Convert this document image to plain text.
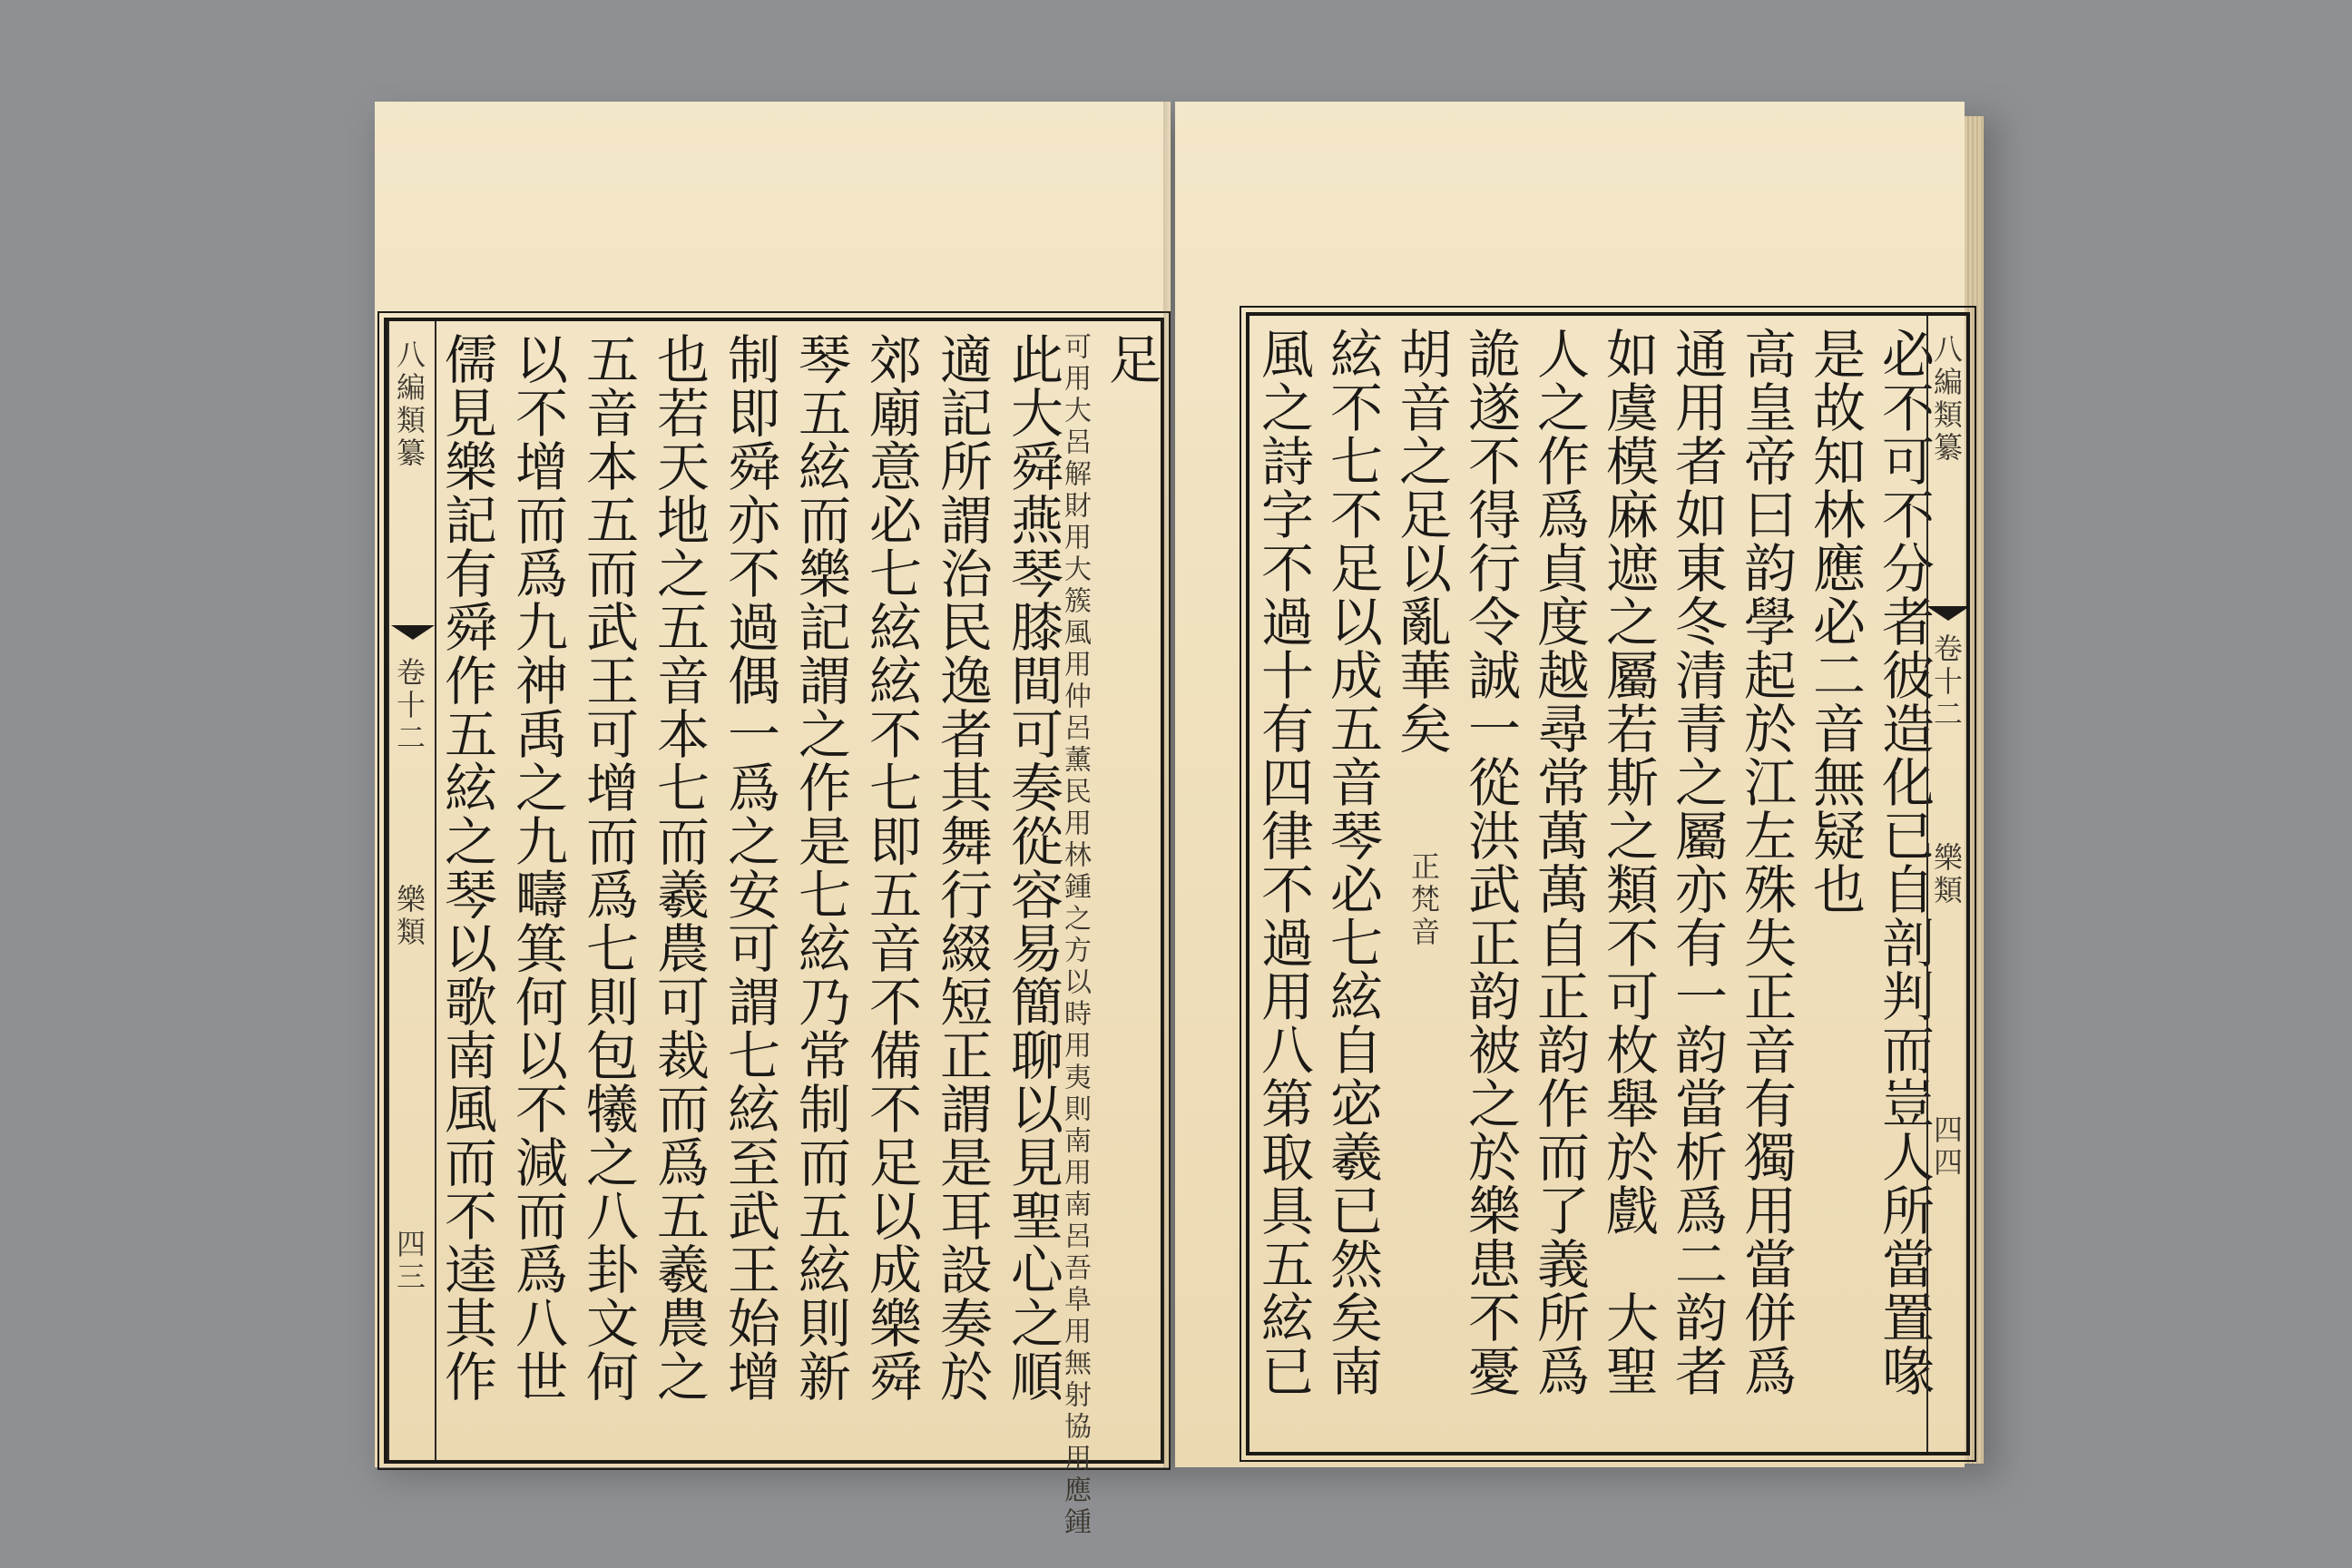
八編類纂
卷十二
樂類
四三 儒見樂記有舜作五絃之琴以歌南風而不逵其作 以不增而爲九神禹之九疇箕何以不減而爲八世 五音本五而武王可增而爲七則包犧之八卦文何 也若天地之五音本七而羲農可裁而爲五羲農之 制即舜亦不過偶一爲之安可謂七絃至武王始增 琴五絃而樂記謂之作是七絃乃常制而五絃則新 郊廟意必七絃絃不七即五音不備不足以成樂舜 適記所謂治民逸者其舞行綴短正謂是耳設奏於 此大舜燕琴膝間可奏從容易簡聊以見聖心之順
可用大呂解財用大簇風用仲呂薰民用林鍾之方以時用夷則南用南呂吾阜用無射協用應鍾 足 風之詩字不過十有四律不過用八第取具五絃已 絃不七不足以成五音琴必七絃自宓羲已然矣南 胡音之足以亂華矣
正梵音 詭遂不得行令誠一從洪武正韵被之於樂患不憂 人之作爲貞度越尋常萬萬自正韵作而了義所爲 如虞模麻遮之屬若斯之類不可枚舉於戲　大聖 通用者如東冬清青之屬亦有一韵當析爲二韵者 高皇帝曰韵學起於江左殊失正音有獨用當併爲 是故知林應必二音無疑也 必不可不分者彼造化已自剖判而豈人所當置喙
八編類纂
卷十二
樂類
四四
